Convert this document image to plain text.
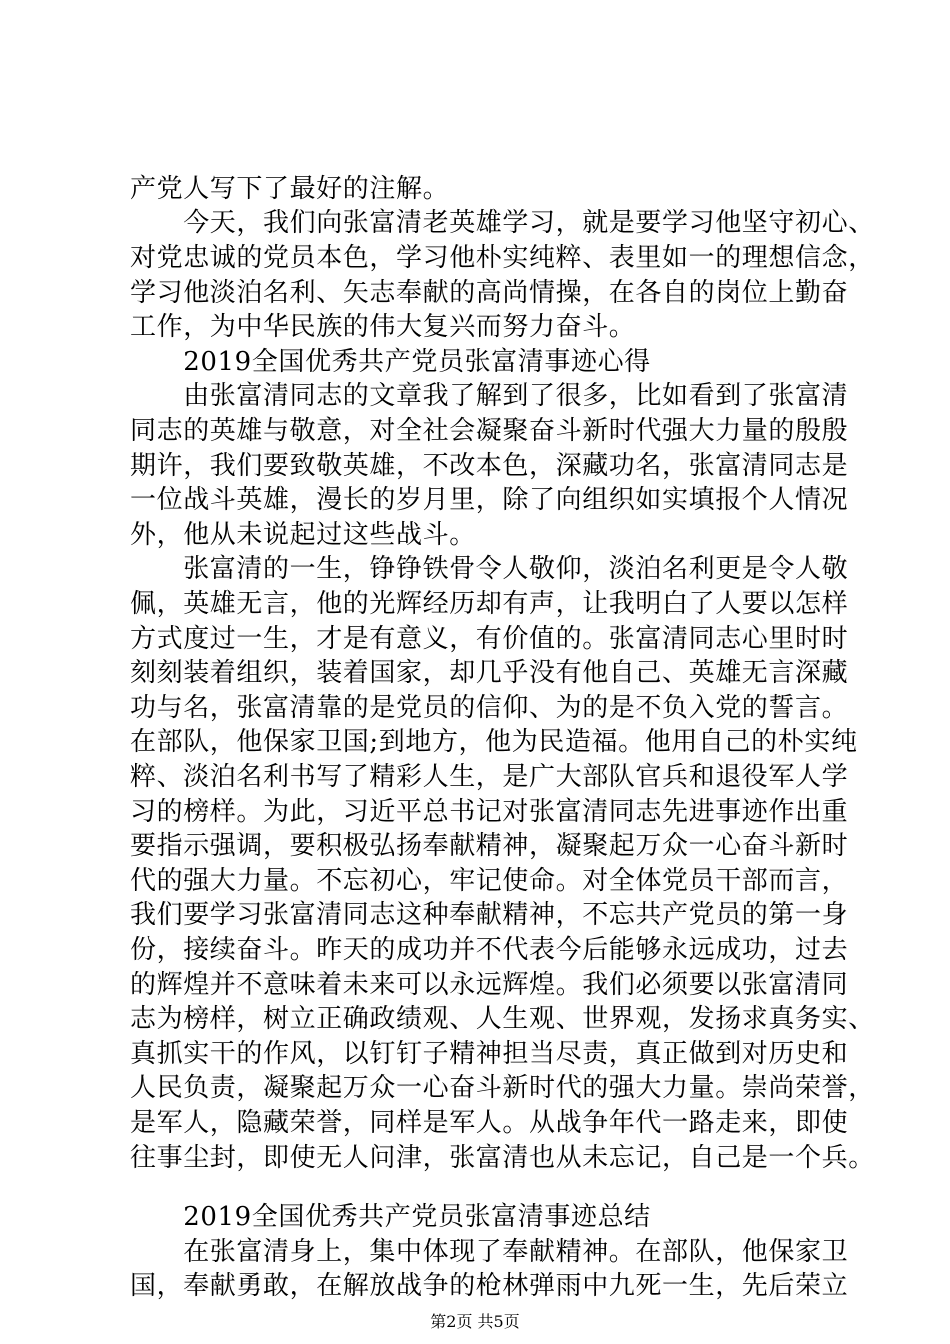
产党人写下了最好的注解。
　　今天，我们向张富清老英雄学习，就是要学习他坚守初心、
对党忠诚的党员本色，学习他朴实纯粹、表里如一的理想信念，
学习他淡泊名利、矢志奉献的高尚情操，在各自的岗位上勤奋
工作，为中华民族的伟大复兴而努力奋斗。
　　2019全国优秀共产党员张富清事迹心得
　　由张富清同志的文章我了解到了很多，比如看到了张富清
同志的英雄与敬意，对全社会凝聚奋斗新时代强大力量的殷殷
期许，我们要致敬英雄，不改本色，深藏功名，张富清同志是
一位战斗英雄，漫长的岁月里，除了向组织如实填报个人情况
外，他从未说起过这些战斗。
　　张富清的一生，铮铮铁骨令人敬仰，淡泊名利更是令人敬
佩，英雄无言，他的光辉经历却有声，让我明白了人要以怎样
方式度过一生，才是有意义，有价值的。张富清同志心里时时
刻刻装着组织，装着国家，却几乎没有他自己、英雄无言深藏
功与名，张富清靠的是党员的信仰、为的是不负入党的誓言。
在部队，他保家卫国;到地方，他为民造福。他用自己的朴实纯
粹、淡泊名利书写了精彩人生，是广大部队官兵和退役军人学
习的榜样。为此，习近平总书记对张富清同志先进事迹作出重
要指示强调，要积极弘扬奉献精神，凝聚起万众一心奋斗新时
代的强大力量。不忘初心，牢记使命。对全体党员干部而言，
我们要学习张富清同志这种奉献精神，不忘共产党员的第一身
份，接续奋斗。昨天的成功并不代表今后能够永远成功，过去
的辉煌并不意味着未来可以永远辉煌。我们必须要以张富清同
志为榜样，树立正确政绩观、人生观、世界观，发扬求真务实、
真抓实干的作风，以钉钉子精神担当尽责，真正做到对历史和
人民负责，凝聚起万众一心奋斗新时代的强大力量。崇尚荣誉，
是军人，隐藏荣誉，同样是军人。从战争年代一路走来，即使
往事尘封，即使无人问津，张富清也从未忘记，自己是一个兵。
　　2019全国优秀共产党员张富清事迹总结
　　在张富清身上，集中体现了奉献精神。在部队，他保家卫
国，奉献勇敢，在解放战争的枪林弹雨中九死一生，先后荣立
第2页 共5页
